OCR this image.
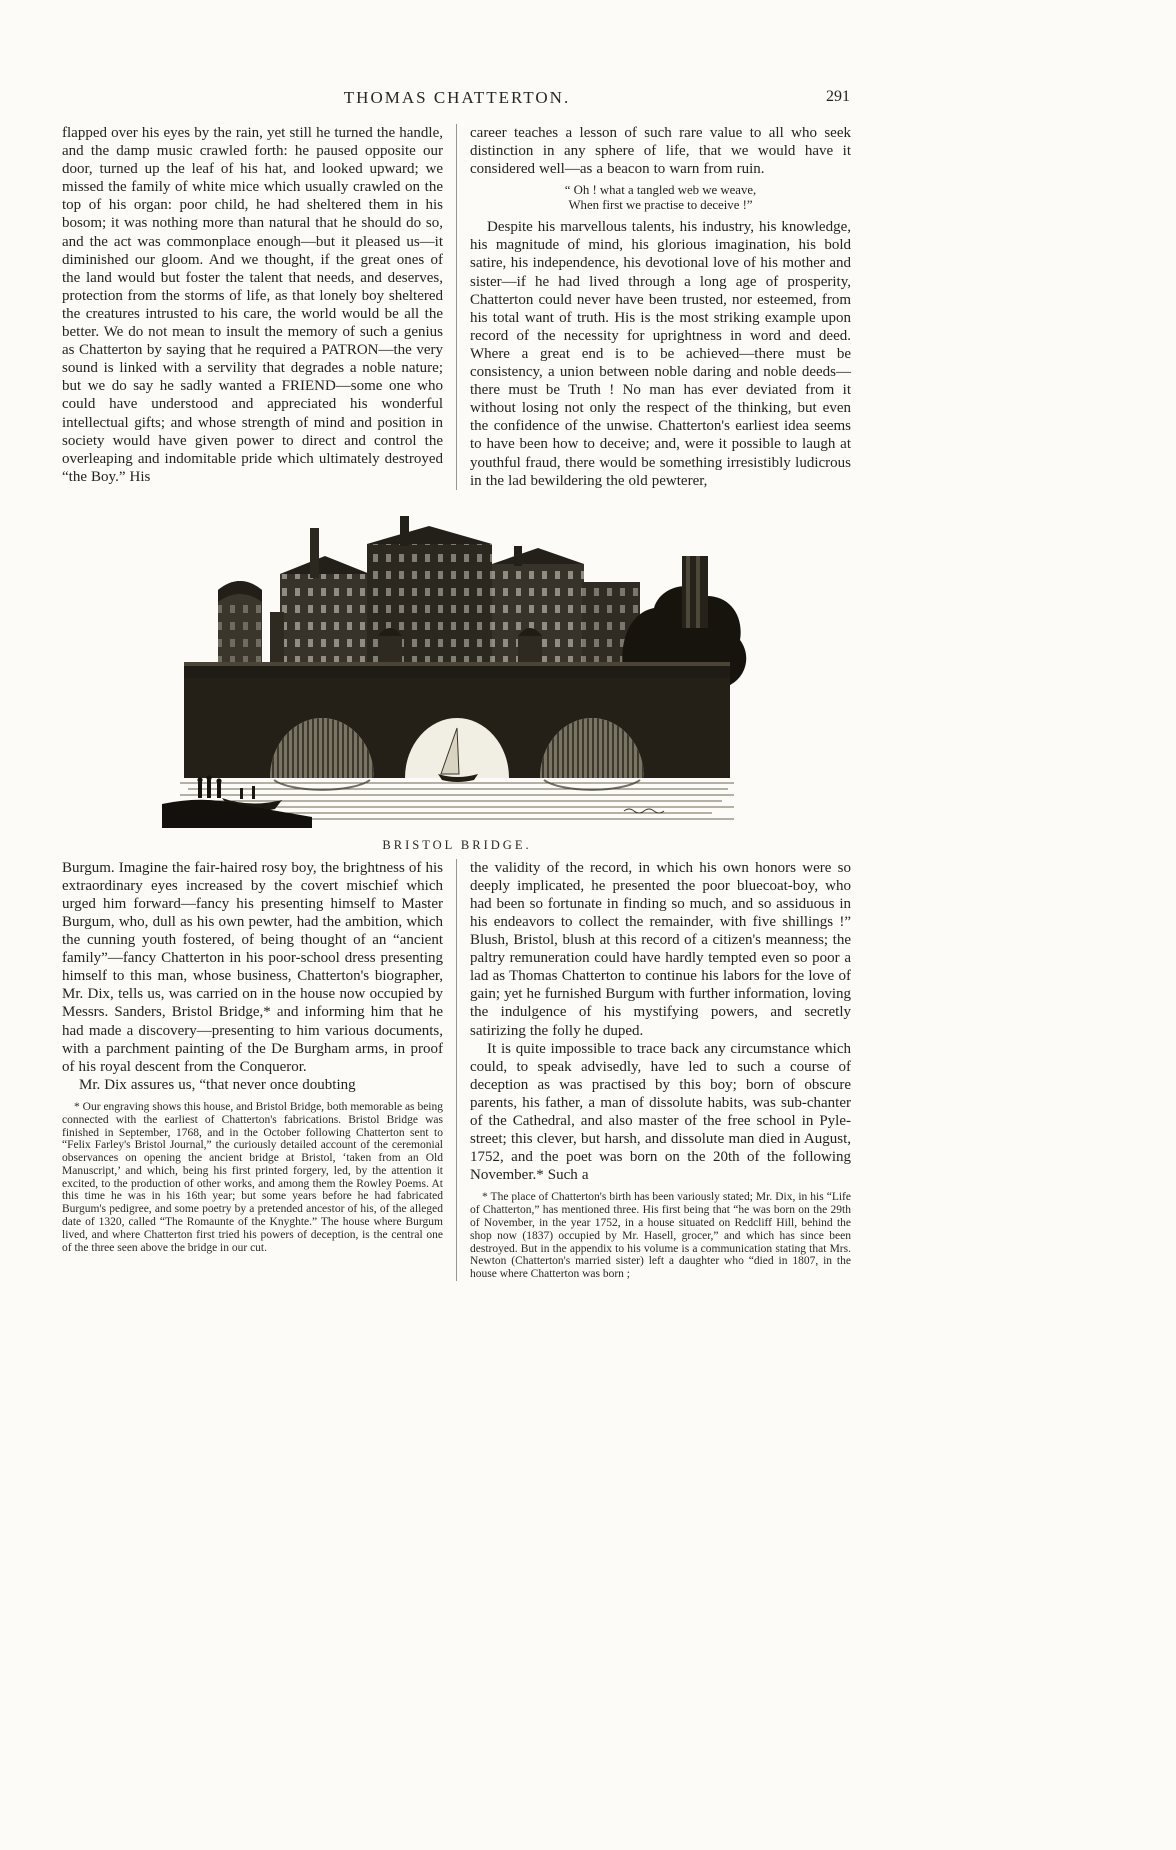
THOMAS CHATTERTON.	291

flapped over his eyes by the rain, yet still he turned the handle, and the damp music crawled forth: he paused opposite our door, turned up the leaf of his hat, and looked upward; we missed the family of white mice which usually crawled on the top of his organ: poor child, he had sheltered them in his bosom; it was nothing more than natural that he should do so, and the act was commonplace enough—but it pleased us—it diminished our gloom. And we thought, if the great ones of the land would but foster the talent that needs, and deserves, protection from the storms of life, as that lonely boy sheltered the creatures intrusted to his care, the world would be all the better. We do not mean to insult the memory of such a genius as Chatterton by saying that he required a PATRON—the very sound is linked with a servility that degrades a noble nature; but we do say he sadly wanted a FRIEND—some one who could have understood and appreciated his wonderful intellectual gifts; and whose strength of mind and position in society would have given power to direct and control the overleaping and indomitable pride which ultimately destroyed “the Boy.” His

career teaches a lesson of such rare value to all who seek distinction in any sphere of life, that we would have it considered well—as a beacon to warn from ruin.

“ Oh ! what a tangled web we weave,
When first we practise to deceive !”

Despite his marvellous talents, his industry, his knowledge, his magnitude of mind, his glorious imagination, his bold satire, his independence, his devotional love of his mother and sister—if he had lived through a long age of prosperity, Chatterton could never have been trusted, nor esteemed, from his total want of truth. His is the most striking example upon record of the necessity for uprightness in word and deed. Where a great end is to be achieved—there must be consistency, a union between noble daring and noble deeds—there must be Truth ! No man has ever deviated from it without losing not only the respect of the thinking, but even the confidence of the unwise. Chatterton's earliest idea seems to have been how to deceive; and, were it possible to laugh at youthful fraud, there would be something irresistibly ludicrous in the lad bewildering the old pewterer,

BRISTOL BRIDGE.

Burgum. Imagine the fair-haired rosy boy, the brightness of his extraordinary eyes increased by the covert mischief which urged him forward—fancy his presenting himself to Master Burgum, who, dull as his own pewter, had the ambition, which the cunning youth fostered, of being thought of an “ancient family”—fancy Chatterton in his poor-school dress presenting himself to this man, whose business, Chatterton's biographer, Mr. Dix, tells us, was carried on in the house now occupied by Messrs. Sanders, Bristol Bridge,* and informing him that he had made a discovery—presenting to him various documents, with a parchment painting of the De Burgham arms, in proof of his royal descent from the Conqueror.

Mr. Dix assures us, “that never once doubting

* Our engraving shows this house, and Bristol Bridge, both memorable as being connected with the earliest of Chatterton's fabrications. Bristol Bridge was finished in September, 1768, and in the October following Chatterton sent to “Felix Farley's Bristol Journal,” the curiously detailed account of the ceremonial observances on opening the ancient bridge at Bristol, ‘taken from an Old Manuscript,’ and which, being his first printed forgery, led, by the attention it excited, to the production of other works, and among them the Rowley Poems. At this time he was in his 16th year; but some years before he had fabricated Burgum's pedigree, and some poetry by a pretended ancestor of his, of the alleged date of 1320, called “The Romaunte of the Knyghte.” The house where Burgum lived, and where Chatterton first tried his powers of deception, is the central one of the three seen above the bridge in our cut.

the validity of the record, in which his own honors were so deeply implicated, he presented the poor bluecoat-boy, who had been so fortunate in finding so much, and so assiduous in his endeavors to collect the remainder, with five shillings !” Blush, Bristol, blush at this record of a citizen's meanness; the paltry remuneration could have hardly tempted even so poor a lad as Thomas Chatterton to continue his labors for the love of gain; yet he furnished Burgum with further information, loving the indulgence of his mystifying powers, and secretly satirizing the folly he duped.

It is quite impossible to trace back any circumstance which could, to speak advisedly, have led to such a course of deception as was practised by this boy; born of obscure parents, his father, a man of dissolute habits, was sub-chanter of the Cathedral, and also master of the free school in Pyle-street; this clever, but harsh, and dissolute man died in August, 1752, and the poet was born on the 20th of the following November.* Such a

* The place of Chatterton's birth has been variously stated; Mr. Dix, in his “Life of Chatterton,” has mentioned three. His first being that “he was born on the 29th of November, in the year 1752, in a house situated on Redcliff Hill, behind the shop now (1837) occupied by Mr. Hasell, grocer,” and which has since been destroyed. But in the appendix to his volume is a communication stating that Mrs. Newton (Chatterton's married sister) left a daughter who “died in 1807, in the house where Chatterton was born ;
